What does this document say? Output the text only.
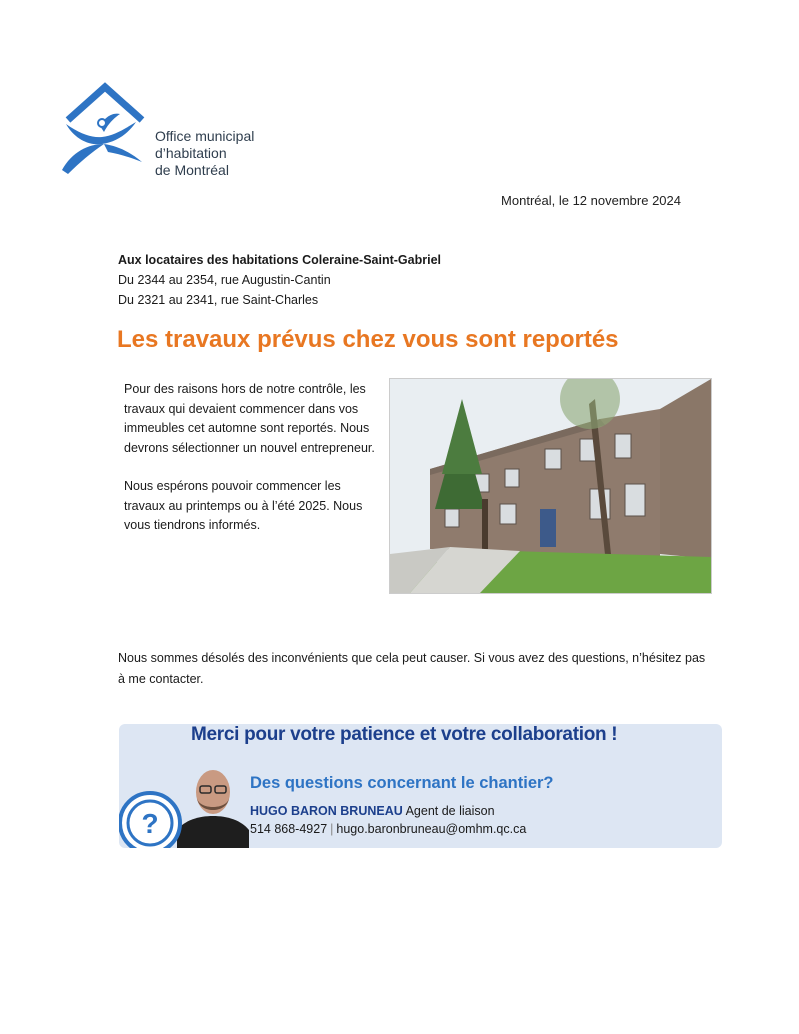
Office municipal
d’habitation
de Montréal
Montréal, le 12 novembre 2024
Aux locataires des habitations Coleraine-Saint-Gabriel
Du 2344 au 2354, rue Augustin-Cantin
Du 2321 au 2341, rue Saint-Charles
Les travaux prévus chez vous sont reportés

Pour des raisons hors de notre contrôle, les travaux qui devaient commencer dans vos immeubles cet automne sont reportés. Nous devrons sélectionner un nouvel entrepreneur.

Nous espérons pouvoir commencer les travaux au printemps ou à l’été 2025. Nous vous tiendrons informés.

Nous sommes désolés des inconvénients que cela peut causer. Si vous avez des questions, n’hésitez pas à me contacter.
Merci pour votre patience et votre collaboration !
?
Des questions concernant le chantier?
HUGO BARON BRUNEAU Agent de liaison
514 868-4927 | hugo.baronbruneau@omhm.qc.ca
